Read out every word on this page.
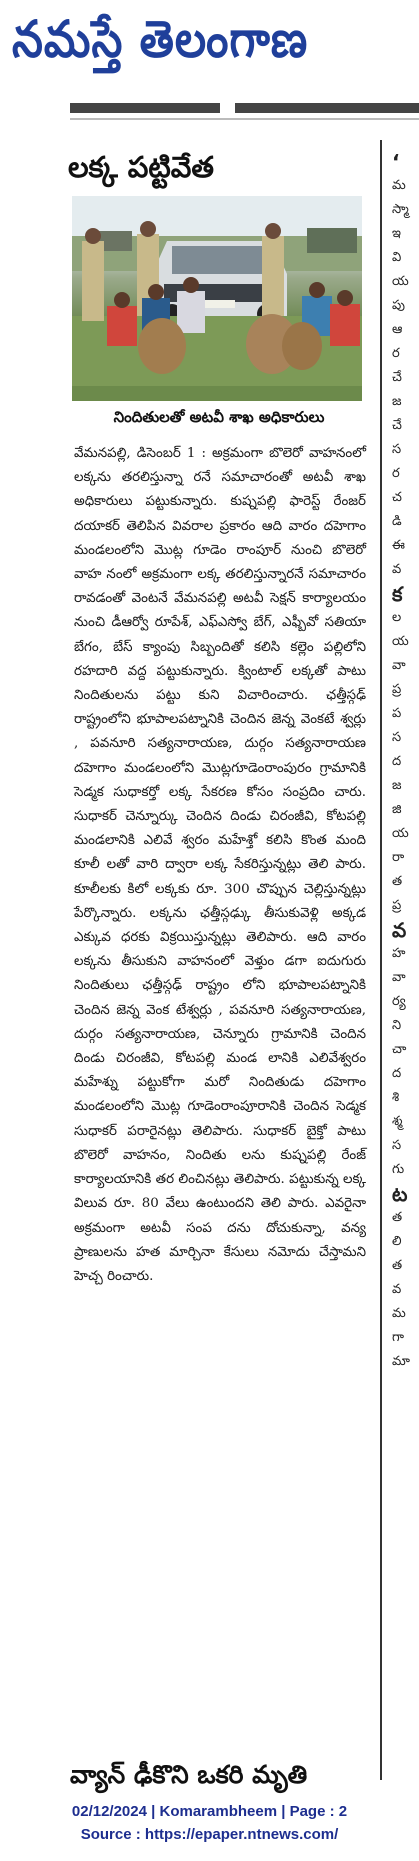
నమస్తే తెలంగాణ
లక్క పట్టివేత
నిందితులతో అటవీ శాఖ అధికారులు
వేమనపల్లి, డిసెంబర్ 1 : అక్రమంగా బొలెరో వాహనంలో లక్కను తరలిస్తున్నా రనే సమాచారంతో అటవీ శాఖ అధికారులు పట్టుకున్నారు. కుష్నపల్లి ఫారెస్ట్ రేంజర్ దయాకర్ తెలిపిన వివరాల ప్రకారం ఆది వారం దహెగాం మండలంలోని మొట్ల గూడెం రాంపూర్ నుంచి బొలెరో వాహ నంలో అక్రమంగా లక్క తరలిస్తున్నారనే సమాచారం రావడంతో వెంటనే వేమనపల్లి అటవీ సెక్షన్ కార్యాలయం నుంచి డీఆర్వో రూపేశ్, ఎఫ్ఎస్వో బేగ్, ఎఫ్బీవో సతియా బేగం, బేస్ క్యాంపు సిబ్బందితో కలిసి కల్లెం పల్లిలోని రహదారి వద్ద పట్టుకున్నారు. క్వింటాల్ లక్కతో పాటు నిందితులను పట్టు కుని విచారించారు. ఛత్తీస్గఢ్ రాష్ట్రంలోని భూపాలపట్నానికి చెందిన జెన్న వెంకటే శ్వర్లు , పవనూరి సత్యనారాయణ, దుర్గం సత్యనారాయణ దహెగాం మండలంలోని మొట్లగూడెంరాంపురం గ్రామానికి సెడ్మక సుధాకర్తో లక్క సేకరణ కోసం సంప్రదిం చారు. సుధాకర్ చెన్నూర్కు చెందిన దిండు చిరంజీవి, కోటపల్లి మండలానికి ఎలివే శ్వరం మహేశ్తో కలిసి కొంత మంది కూలీ లతో వారి ద్వారా లక్క సేకరిస్తున్నట్లు తెలి పారు. కూలీలకు కిలో లక్కకు రూ. 300 చొప్పున చెల్లిస్తున్నట్లు పేర్కొన్నారు. లక్కను ఛత్తీస్గఢ్కు తీసుకువెళ్లి అక్కడ ఎక్కువ ధరకు విక్రయిస్తున్నట్లు తెలిపారు. ఆది వారం లక్కను తీసుకుని వాహనంలో వెళ్తుం డగా ఐదుగురు నిందితులు ఛత్తీస్గఢ్ రాష్ట్రం లోని భూపాలపట్నానికి చెందిన జెన్న వెంక టేశ్వర్లు , పవనూరి సత్యనారాయణ, దుర్గం సత్యనారాయణ, చెన్నూరు గ్రామానికి చెందిన దిండు చిరంజీవి, కోటపల్లి మండ లానికి ఎలివేశ్వరం మహేశ్ను పట్టుకోగా మరో నిందితుడు దహెగాం మండలంలోని మొట్ల గూడెంరాంపూరానికి చెందిన సెడ్మక సుధాకర్ పరారైనట్లు తెలిపారు. సుధాకర్ బైక్తో పాటు బొలెరో వాహనం, నిందితు లను కుష్నపల్లి రేంజ్ కార్యాలయానికి తర లించినట్లు తెలిపారు. పట్టుకున్న లక్క విలువ రూ. 80 వేలు ఉంటుందని తెలి పారు. ఎవరైనా అక్రమంగా అటవీ సంప దను దోచుకున్నా, వన్య ప్రాణులను హత మార్చినా కేసులు నమోదు చేస్తామని హెచ్చ రించారు.
వ్యాన్ ఢీకొని ఒకరి మృతి
‘
మ
స్మా
ఇ
వి
య
పు
ఆ
ర
చే
జ
చే
స
ర
చ
డి
ఈ
వ
క
ల
య
వా
ప్ర
ప
స
ద
జ
జి
య
రా
త
ప్ర
వ
హ
వా
ర్య
ని
చా
ద
శి
శ్మ
స
గు
ట
త
లి
త
వ
మ
గా
మా
02/12/2024 | Komarambheem | Page : 2
Source : https://epaper.ntnews.com/
